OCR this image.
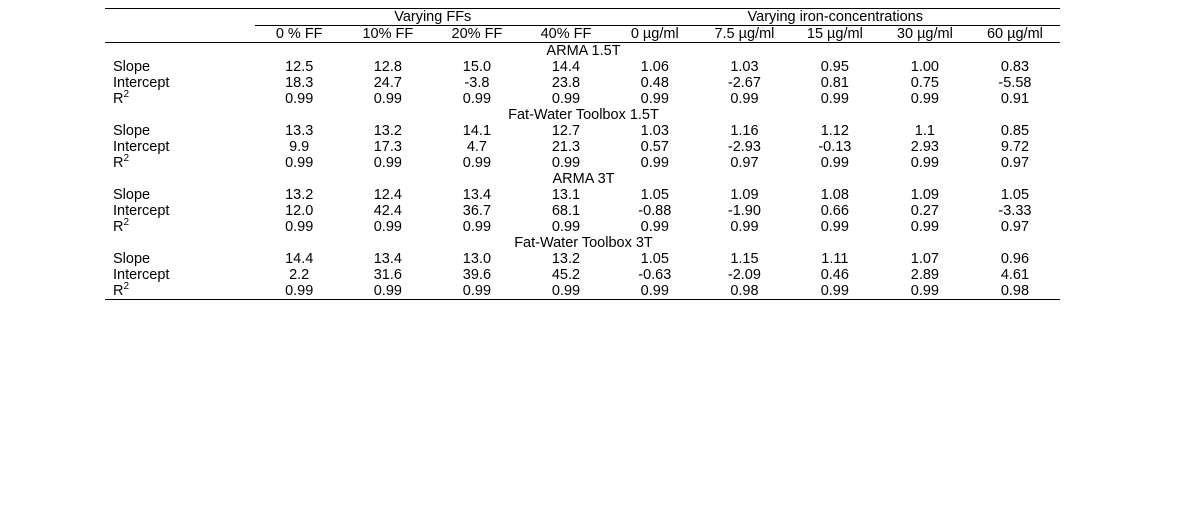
	Varying FFs				Varying iron-concentrations				
	0 % FF	10% FF	20% FF	40% FF	0 µg/ml	7.5 µg/ml	15 µg/ml	30 µg/ml	60 µg/ml
ARMA 1.5T									
Slope	12.5	12.8	15.0	14.4	1.06	1.03	0.95	1.00	0.83
Intercept	18.3	24.7	-3.8	23.8	0.48	-2.67	0.81	0.75	-5.58
$R^2$	0.99	0.99	0.99	0.99	0.99	0.99	0.99	0.99	0.91
Fat-Water Toolbox 1.5T									
Slope	13.3	13.2	14.1	12.7	1.03	1.16	1.12	1.1	0.85
Intercept	9.9	17.3	4.7	21.3	0.57	-2.93	-0.13	2.93	9.72
$R^2$	0.99	0.99	0.99	0.99	0.99	0.97	0.99	0.99	0.97
ARMA 3T									
Slope	13.2	12.4	13.4	13.1	1.05	1.09	1.08	1.09	1.05
Intercept	12.0	42.4	36.7	68.1	-0.88	-1.90	0.66	0.27	-3.33
$R^2$	0.99	0.99	0.99	0.99	0.99	0.99	0.99	0.99	0.97
Fat-Water Toolbox 3T									
Slope	14.4	13.4	13.0	13.2	1.05	1.15	1.11	1.07	0.96
Intercept	2.2	31.6	39.6	45.2	-0.63	-2.09	0.46	2.89	4.61
$R^2$	0.99	0.99	0.99	0.99	0.99	0.98	0.99	0.99	0.98
